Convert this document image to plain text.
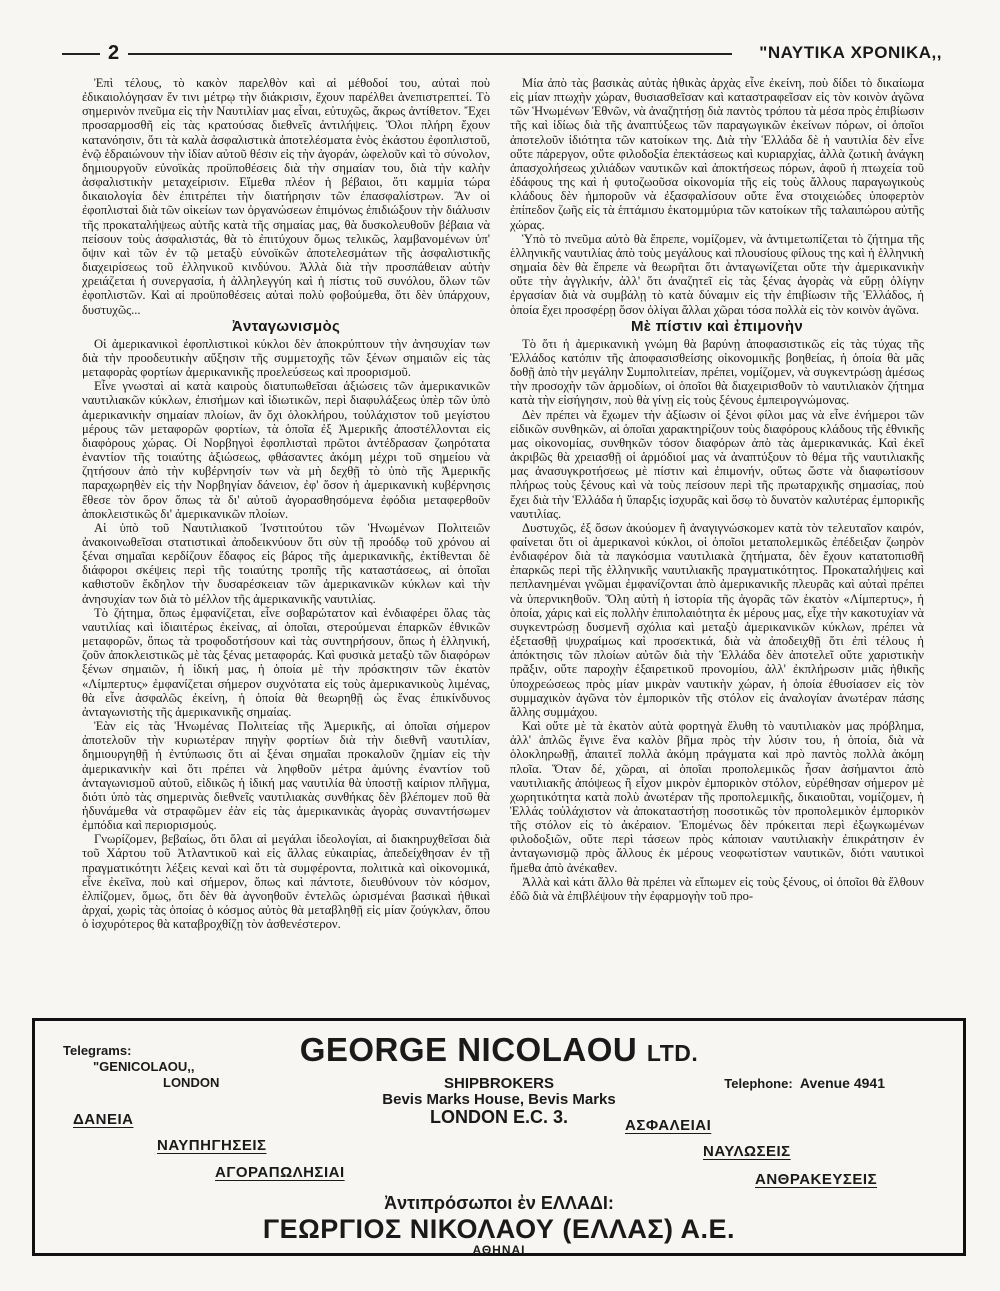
2	"ΝΑΥΤΙΚΑ ΧΡΟΝΙΚΑ,,

Ἐπὶ τέλους, τὸ κακὸν παρελθὸν καὶ αἱ μέθοδοί του, αὐταὶ ποὺ ἐδικαιολόγησαν ἕν τινι μέτρῳ τὴν διάκρισιν, ἔχουν παρέλθει ἀνεπιστρεπτεί. Τὸ σημερινὸν πνεῦμα εἰς τὴν Ναυτιλίαν μας εἶναι, εὐτυχῶς, ἄκρως ἀντίθετον. Ἔχει προσαρμοσθῆ εἰς τὰς κρατούσας διεθνεῖς ἀντιλήψεις. Ὅλοι πλήρη ἔχουν κατανόησιν, ὅτι τὰ καλὰ ἀσφαλιστικὰ ἀποτελέσματα ἑνὸς ἑκάστου ἐφοπλιστοῦ, ἐνῷ ἑδραιώνουν τὴν ἰδίαν αὐτοῦ θέσιν εἰς τὴν ἀγοράν, ὠφελοῦν καὶ τὸ σύνολον, δημιουργοῦν εὐνοϊκὰς προϋποθέσεις διὰ τὴν σημαίαν του, διὰ τὴν καλὴν ἀσφαλιστικὴν μεταχείρισιν. Εἴμεθα πλέον ἡ βέβαιοι, ὅτι καμμία τώρα δικαιολογία δὲν ἐπιτρέπει τὴν διατήρησιν τῶν ἐπασφαλίστρων. Ἂν οἱ ἐφοπλισταὶ διὰ τῶν οἰκείων των ὀργανώσεων ἐπιμόνως ἐπιδιώξουν τὴν διάλυσιν τῆς προκαταλήψεως αὐτῆς κατὰ τῆς σημαίας μας, θὰ δυσκολευθοῦν βέβαια νὰ πείσουν τοὺς ἀσφαλιστάς, θὰ τὸ ἐπιτύχουν ὅμως τελικῶς, λαμβανομένων ὑπ' ὄψιν καὶ τῶν ἐν τῷ μεταξὺ εὐνοϊκῶν ἀποτελεσμάτων τῆς ἀσφαλιστικῆς διαχειρίσεως τοῦ ἑλληνικοῦ κινδύνου. Ἀλλὰ διὰ τὴν προσπάθειαν αὐτὴν χρειάζεται ἡ συνεργασία, ἡ ἀλληλεγγύη καὶ ἡ πίστις τοῦ συνόλου, ὅλων τῶν ἐφοπλιστῶν. Καὶ αἱ προϋποθέσεις αὐταὶ πολὺ φοβούμεθα, ὅτι δὲν ὑπάρχουν, δυστυχῶς...

Ἀνταγωνισμὸς

Οἱ ἀμερικανικοὶ ἐφοπλιστικοὶ κύκλοι δὲν ἀποκρύπτουν τὴν ἀνησυχίαν των διὰ τὴν προοδευτικὴν αὔξησιν τῆς συμμετοχῆς τῶν ξένων σημαιῶν εἰς τὰς μεταφορὰς φορτίων ἀμερικανικῆς προελεύσεως καὶ προορισμοῦ.

Εἶνε γνωσταὶ αἱ κατὰ καιροὺς διατυπωθεῖσαι ἀξιώσεις τῶν ἀμερικανικῶν ναυτιλιακῶν κύκλων, ἐπισήμων καὶ ἰδιωτικῶν, περὶ διαφυλάξεως ὑπὲρ τῶν ὑπὸ ἀμερικανικὴν σημαίαν πλοίων, ἂν ὄχι ὁλοκλήρου, τοὐλάχιστον τοῦ μεγίστου μέρους τῶν μεταφορῶν φορτίων, τὰ ὁποῖα ἐξ Ἀμερικῆς ἀποστέλλονται εἰς διαφόρους χώρας. Οἱ Νορβηγοὶ ἐφοπλισταὶ πρῶτοι ἀντέδρασαν ζωηρότατα ἐναντίον τῆς τοιαύτης ἀξιώσεως, φθάσαντες ἀκόμη μέχρι τοῦ σημείου νὰ ζητήσουν ἀπὸ τὴν κυβέρνησίν των νὰ μὴ δεχθῇ τὸ ὑπὸ τῆς Ἀμερικῆς παραχωρηθὲν εἰς τὴν Νορβηγίαν δάνειον, ἐφ' ὅσον ἡ ἀμερικανικὴ κυβέρνησις ἔθεσε τὸν ὅρον ὅπως τὰ δι' αὐτοῦ ἀγορασθησόμενα ἐφόδια μεταφερθοῦν ἀποκλειστικῶς δι' ἀμερικανικῶν πλοίων.

Αἱ ὑπὸ τοῦ Ναυτιλιακοῦ Ἰνστιτούτου τῶν Ἡνωμένων Πολιτειῶν ἀνακοινωθεῖσαι στατιστικαὶ ἀποδεικνύουν ὅτι σὺν τῇ προόδῳ τοῦ χρόνου αἱ ξέναι σημαῖαι κερδίζουν ἔδαφος εἰς βάρος τῆς ἀμερικανικῆς, ἐκτίθενται δὲ διάφοροι σκέψεις περὶ τῆς τοιαύτης τροπῆς τῆς καταστάσεως, αἱ ὁποῖαι καθιστοῦν ἔκδηλον τὴν δυσαρέσκειαν τῶν ἀμερικανικῶν κύκλων καὶ τὴν ἀνησυχίαν των διὰ τὸ μέλλον τῆς ἀμερικανικῆς ναυτιλίας.

Τὸ ζήτημα, ὅπως ἐμφανίζεται, εἶνε σοβαρώτατον καὶ ἐνδιαφέρει ὅλας τὰς ναυτιλίας καὶ ἰδιαιτέρως ἐκείνας, αἱ ὁποῖαι, στερούμεναι ἐπαρκῶν ἐθνικῶν μεταφορῶν, ὅπως τὰ τροφοδοτήσουν καὶ τὰς συντηρήσουν, ὅπως ἡ ἑλληνική, ζοῦν ἀποκλειστικῶς μὲ τὰς ξένας μεταφοράς. Καὶ φυσικὰ μεταξὺ τῶν διαφόρων ξένων σημαιῶν, ἡ ἰδική μας, ἡ ὁποία μὲ τὴν πρόσκτησιν τῶν ἑκατὸν «Λίμπερτυς» ἐμφανίζεται σήμερον συχνότατα εἰς τοὺς ἀμερικανικοὺς λιμένας, θὰ εἶνε ἀσφαλῶς ἐκείνη, ἡ ὁποία θὰ θεωρηθῇ ὡς ἕνας ἐπικίνδυνος ἀνταγωνιστὴς τῆς ἀμερικανικῆς σημαίας.

Ἐὰν εἰς τὰς Ἡνωμένας Πολιτείας τῆς Ἀμερικῆς, αἱ ὁποῖαι σήμερον ἀποτελοῦν τὴν κυριωτέραν πηγὴν φορτίων διὰ τὴν διεθνῆ ναυτιλίαν, δημιουργηθῇ ἡ ἐντύπωσις ὅτι αἱ ξέναι σημαῖαι προκαλοῦν ζημίαν εἰς τὴν ἀμερικανικὴν καὶ ὅτι πρέπει νὰ ληφθοῦν μέτρα ἀμύνης ἐναντίον τοῦ ἀνταγωνισμοῦ αὐτοῦ, εἰδικῶς ἡ ἰδική μας ναυτιλία θὰ ὑποστῇ καίριον πλῆγμα, διότι ὑπὸ τὰς σημερινὰς διεθνεῖς ναυτιλιακὰς συνθήκας δὲν βλέπομεν ποῦ θὰ ἠδυνάμεθα νὰ στραφῶμεν ἐὰν εἰς τὰς ἀμερικανικὰς ἀγορὰς συναντήσωμεν ἐμπόδια καὶ περιορισμούς.

Γνωρίζομεν, βεβαίως, ὅτι ὅλαι αἱ μεγάλαι ἰδεολογίαι, αἱ διακηρυχθεῖσαι διὰ τοῦ Χάρτου τοῦ Ἀτλαντικοῦ καὶ εἰς ἄλλας εὐκαιρίας, ἀπεδείχθησαν ἐν τῇ πραγματικότητι λέξεις κεναὶ καὶ ὅτι τὰ συμφέροντα, πολιτικὰ καὶ οἰκονομικά, εἶνε ἐκεῖνα, ποὺ καὶ σήμερον, ὅπως καὶ πάντοτε, διευθύνουν τὸν κόσμον, ἐλπίζομεν, ὅμως, ὅτι δὲν θὰ ἀγνοηθοῦν ἐντελῶς ὡρισμέναι βασικαὶ ἠθικαὶ ἀρχαί, χωρὶς τὰς ὁποίας ὁ κόσμος αὐτὸς θὰ μεταβληθῇ εἰς μίαν ζούγκλαν, ὅπου ὁ ἰσχυρότερος θὰ καταβροχθίζῃ τὸν ἀσθενέστερον.

Μία ἀπὸ τὰς βασικὰς αὐτὰς ἠθικὰς ἀρχὰς εἶνε ἐκείνη, ποὺ δίδει τὸ δικαίωμα εἰς μίαν πτωχὴν χώραν, θυσιασθεῖσαν καὶ καταστραφεῖσαν εἰς τὸν κοινὸν ἀγῶνα τῶν Ἡνωμένων Ἐθνῶν, νὰ ἀναζητήσῃ διὰ παντὸς τρόπου τὰ μέσα πρὸς ἐπιβίωσιν τῆς καὶ ἰδίως διὰ τῆς ἀναπτύξεως τῶν παραγωγικῶν ἐκείνων πόρων, οἱ ὁποῖοι ἀποτελοῦν ἰδιότητα τῶν κατοίκων της. Διὰ τὴν Ἑλλάδα δὲ ἡ ναυτιλία δὲν εἶνε οὔτε πάρεργον, οὔτε φιλοδοξία ἐπεκτάσεως καὶ κυριαρχίας, ἀλλὰ ζωτικὴ ἀνάγκη ἀπασχολήσεως χιλιάδων ναυτικῶν καὶ ἀποκτήσεως πόρων, ἀφοῦ ἡ πτωχεία τοῦ ἐδάφους της καὶ ἡ φυτοζωοῦσα οἰκονομία τῆς εἰς τοὺς ἄλλους παραγωγικοὺς κλάδους δὲν ἠμποροῦν νὰ ἐξασφαλίσουν οὔτε ἕνα στοιχειώδες ὑποφερτὸν ἐπίπεδον ζωῆς εἰς τὰ ἑπτάμισυ ἑκατομμύρια τῶν κατοίκων τῆς ταλαιπώρου αὐτῆς χώρας.

Ὑπὸ τὸ πνεῦμα αὐτὸ θὰ ἔπρεπε, νομίζομεν, νὰ ἀντιμετωπίζεται τὸ ζήτημα τῆς ἑλληνικῆς ναυτιλίας ἀπὸ τοὺς μεγάλους καὶ πλουσίους φίλους της καὶ ἡ ἑλληνικὴ σημαία δὲν θὰ ἔπρεπε νὰ θεωρῆται ὅτι ἀνταγωνίζεται οὔτε τὴν ἀμερικανικὴν οὔτε τὴν ἀγγλικήν, ἀλλ' ὅτι ἀναζητεῖ εἰς τὰς ξένας ἀγορὰς νὰ εὕρῃ ὀλίγην ἐργασίαν διὰ νὰ συμβάλῃ τὸ κατὰ δύναμιν εἰς τὴν ἐπιβίωσιν τῆς Ἑλλάδος, ἡ ὁποία ἔχει προσφέρῃ ὅσον ὀλίγαι ἄλλαι χῶραι τόσα πολλὰ εἰς τὸν κοινὸν ἀγῶνα.

Μὲ πίστιν καὶ ἐπιμονὴν

Τὸ ὅτι ἡ ἀμερικανικὴ γνώμη θὰ βαρύνῃ ἀποφασιστικῶς εἰς τὰς τύχας τῆς Ἑλλάδος κατόπιν τῆς ἀποφασισθείσης οἰκονομικῆς βοηθείας, ἡ ὁποία θὰ μᾶς δοθῇ ἀπὸ τὴν μεγάλην Συμπολιτείαν, πρέπει, νομίζομεν, νὰ συγκεντρώσῃ ἀμέσως τὴν προσοχὴν τῶν ἁρμοδίων, οἱ ὁποῖοι θὰ διαχειρισθοῦν τὸ ναυτιλιακὸν ζήτημα κατὰ τὴν εἰσήγησιν, ποὺ θὰ γίνῃ εἰς τοὺς ξένους ἐμπειρογνώμονας.

Δὲν πρέπει νὰ ἔχωμεν τὴν ἀξίωσιν οἱ ξένοι φίλοι μας νὰ εἶνε ἐνήμεροι τῶν εἰδικῶν συνθηκῶν, αἱ ὁποῖαι χαρακτηρίζουν τοὺς διαφόρους κλάδους τῆς ἐθνικῆς μας οἰκονομίας, συνθηκῶν τόσον διαφόρων ἀπὸ τὰς ἀμερικανικάς. Καὶ ἐκεῖ ἀκριβῶς θὰ χρειασθῇ οἱ ἁρμόδιοί μας νὰ ἀναπτύξουν τὸ θέμα τῆς ναυτιλιακῆς μας ἀνασυγκροτήσεως μὲ πίστιν καὶ ἐπιμονήν, οὕτως ὥστε νὰ διαφωτίσουν πλήρως τοὺς ξένους καὶ νὰ τοὺς πείσουν περὶ τῆς πρωταρχικῆς σημασίας, ποὺ ἔχει διὰ τὴν Ἑλλάδα ἡ ὕπαρξις ἰσχυρᾶς καὶ ὅσῳ τὸ δυνατὸν καλυτέρας ἐμπορικῆς ναυτιλίας.

Δυστυχῶς, ἐξ ὅσων ἀκούομεν ἢ ἀναγιγνώσκομεν κατὰ τὸν τελευταῖον καιρόν, φαίνεται ὅτι οἱ ἀμερικανοὶ κύκλοι, οἱ ὁποῖοι μεταπολεμικῶς ἐπέδειξαν ζωηρὸν ἐνδιαφέρον διὰ τὰ παγκόσμια ναυτιλιακὰ ζητήματα, δὲν ἔχουν κατατοπισθῆ ἐπαρκῶς περὶ τῆς ἑλληνικῆς ναυτιλιακῆς πραγματικότητος. Προκαταλήψεις καὶ πεπλανημέναι γνῶμαι ἐμφανίζονται ἀπὸ ἀμερικανικῆς πλευρᾶς καὶ αὐταὶ πρέπει νὰ ὑπερνικηθοῦν. Ὅλη αὐτὴ ἡ ἱστορία τῆς ἀγορᾶς τῶν ἑκατὸν «Λίμπερτυς», ἡ ὁποία, χάρις καὶ εἰς πολλὴν ἐπιπολαιότητα ἐκ μέρους μας, εἶχε τὴν κακοτυχίαν νὰ συγκεντρώσῃ δυσμενῆ σχόλια καὶ μεταξὺ ἀμερικανικῶν κύκλων, πρέπει νὰ ἐξετασθῇ ψυχραίμως καὶ προσεκτικά, διὰ νὰ ἀποδειχθῇ ὅτι ἐπὶ τέλους ἡ ἀπόκτησις τῶν πλοίων αὐτῶν διὰ τὴν Ἑλλάδα δὲν ἀποτελεῖ οὔτε χαριστικὴν πρᾶξιν, οὔτε παροχὴν ἐξαιρετικοῦ προνομίου, ἀλλ' ἐκπλήρωσιν μιᾶς ἠθικῆς ὑποχρεώσεως πρὸς μίαν μικρὰν ναυτικὴν χώραν, ἡ ὁποία ἐθυσίασεν εἰς τὸν συμμαχικὸν ἀγῶνα τὸν ἐμπορικὸν τῆς στόλον εἰς ἀναλογίαν ἀνωτέραν πάσης ἄλλης συμμάχου.

Καὶ οὔτε μὲ τὰ ἑκατὸν αὐτὰ φορτηγὰ ἔλυθη τὸ ναυτιλιακὸν μας πρόβλημα, ἀλλ' ἁπλῶς ἔγινε ἕνα καλὸν βῆμα πρὸς τὴν λύσιν του, ἡ ὁποία, διὰ νὰ ὁλοκληρωθῇ, ἀπαιτεῖ πολλὰ ἀκόμη πράγματα καὶ πρὸ παντὸς πολλὰ ἀκόμη πλοῖα. Ὅταν δέ, χῶραι, αἱ ὁποῖαι προπολεμικῶς ἦσαν ἀσήμαντοι ἀπὸ ναυτιλιακῆς ἀπόψεως ἢ εἶχον μικρὸν ἐμπορικὸν στόλον, εὑρέθησαν σήμερον μὲ χωρητικότητα κατὰ πολὺ ἀνωτέραν τῆς προπολεμικῆς, δικαιοῦται, νομίζομεν, ἡ Ἑλλάς τοὐλάχιστον νὰ ἀποκαταστήσῃ ποσοτικῶς τὸν προπολεμικὸν ἐμπορικὸν τῆς στόλον εἰς τὸ ἀκέραιον. Ἐπομένως δὲν πρόκειται περὶ ἐξωγκωμένων φιλοδοξιῶν, οὔτε περὶ τάσεων πρὸς κάποιαν ναυτιλιακὴν ἐπικράτησιν ἐν ἀνταγωνισμῷ πρὸς ἄλλους ἐκ μέρους νεοφωτίστων ναυτικῶν, διότι ναυτικοὶ ἤμεθα ἀπὸ ἀνέκαθεν.

Ἀλλὰ καὶ κάτι ἄλλο θὰ πρέπει νὰ εἴπωμεν εἰς τοὺς ξένους, οἱ ὁποῖοι θὰ ἔλθουν ἐδῶ διὰ νὰ ἐπιβλέψουν τὴν ἐφαρμογὴν τοῦ προ-

Telegrams:
"GENICOLAOU,,
LONDON
GEORGE NICOLAOU LTD.
SHIPBROKERS
Bevis Marks House, Bevis Marks
LONDON E.C. 3.
Telephone: Avenue 4941
ΔΑΝΕΙΑ
ΝΑΥΠΗΓΗΣΕΙΣ
ΑΓΟΡΑΠΩΛΗΣΙΑΙ
ΑΣΦΑΛΕΙΑΙ
ΝΑΥΛΩΣΕΙΣ
ΑΝΘΡΑΚΕΥΣΕΙΣ
Ἀντιπρόσωποι ἐν ΕΛΛΑΔΙ:
ΓΕΩΡΓΙΟΣ ΝΙΚΟΛΑΟΥ (ΕΛΛΑΣ) Α.Ε.
ΑΘΗΝΑΙ
